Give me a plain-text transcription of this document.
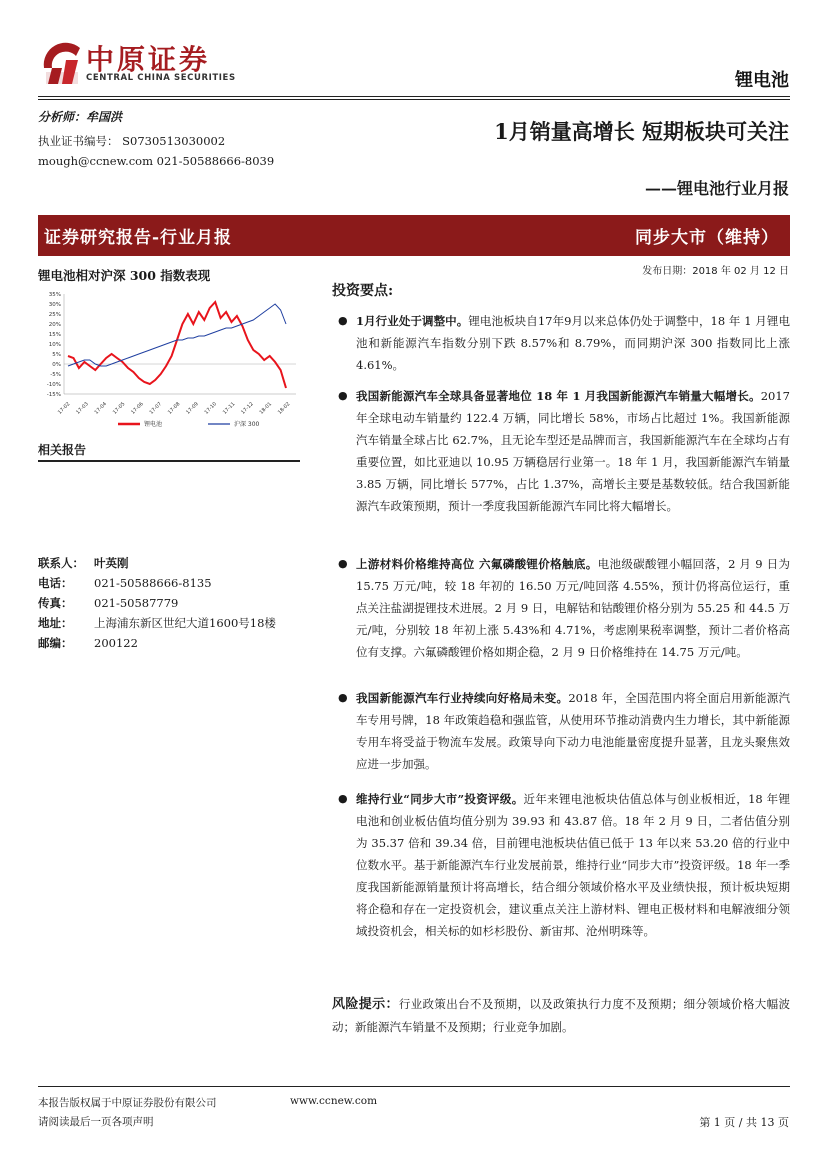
中原证券
CENTRAL CHINA SECURITIES	锂电池
分析师：牟国洪
执业证书编号： S0730513030002
mough@ccnew.com 021-50588666-8039
1月销量高增长 短期板块可关注
——锂电池行业月报
证券研究报告-行业月报	同步大市（维持）
锂电池相对沪深 300 指数表现
35%
30%
25%
20%
15%
10%
5%
0%
-5%
-10%
-15%
17-02 17-03 17-04 17-05 17-06 17-07 17-08 17-09 17-10 17-11 17-12 18-01 18-02
锂电池	沪深 300
相关报告
联系人： 叶英刚
电话： 021-50588666-8135
传真： 021-50587779
地址： 上海浦东新区世纪大道1600号18楼
邮编： 200122
发布日期：2018 年 02 月 12 日
投资要点:
● 1月行业处于调整中。锂电池板块自17年9月以来总体仍处于调整中，18 年 1 月锂电池和新能源汽车指数分别下跌 8.57%和 8.79%，而同期沪深 300 指数同比上涨 4.61%。
● 我国新能源汽车全球具备显著地位 18 年 1 月我国新能源汽车销量大幅增长。2017 年全球电动车销量约 122.4 万辆，同比增长 58%，市场占比超过 1%。我国新能源汽车销量全球占比 62.7%，且无论车型还是品牌而言，我国新能源汽车在全球均占有重要位置，如比亚迪以 10.95 万辆稳居行业第一。18 年 1 月，我国新能源汽车销量 3.85 万辆，同比增长 577%，占比 1.37%，高增长主要是基数较低。结合我国新能源汽车政策预期，预计一季度我国新能源汽车同比将大幅增长。
● 上游材料价格维持高位 六氟磷酸锂价格触底。电池级碳酸锂小幅回落，2 月 9 日为 15.75 万元/吨，较 18 年初的 16.50 万元/吨回落 4.55%，预计仍将高位运行，重点关注盐湖提锂技术进展。2 月 9 日，电解钴和钴酸锂价格分别为 55.25 和 44.5 万元/吨，分别较 18 年初上涨 5.43%和 4.71%，考虑刚果税率调整，预计二者价格高位有支撑。六氟磷酸锂价格如期企稳，2 月 9 日价格维持在 14.75 万元/吨。
● 我国新能源汽车行业持续向好格局未变。2018 年，全国范围内将全面启用新能源汽车专用号牌，18 年政策趋稳和强监管，从使用环节推动消费内生力增长，其中新能源专用车将受益于物流车发展。政策导向下动力电池能量密度提升显著，且龙头聚焦效应进一步加强。
● 维持行业“同步大市”投资评级。近年来锂电池板块估值总体与创业板相近，18 年锂电池和创业板估值均值分别为 39.93 和 43.87 倍。18 年 2 月 9 日，二者估值分别为 35.37 倍和 39.34 倍，目前锂电池板块估值已低于 13 年以来 53.20 倍的行业中位数水平。基于新能源汽车行业发展前景，维持行业“同步大市”投资评级。18 年一季度我国新能源销量预计将高增长，结合细分领域价格水平及业绩快报，预计板块短期将企稳和存在一定投资机会，建议重点关注上游材料、锂电正极材料和电解液细分领域投资机会，相关标的如杉杉股份、新宙邦、沧州明珠等。
风险提示：行业政策出台不及预期，以及政策执行力度不及预期；细分领域价格大幅波动；新能源汽车销量不及预期；行业竞争加剧。
本报告版权属于中原证券股份有限公司	www.ccnew.com
请阅读最后一页各项声明	第 1 页 / 共 13 页
